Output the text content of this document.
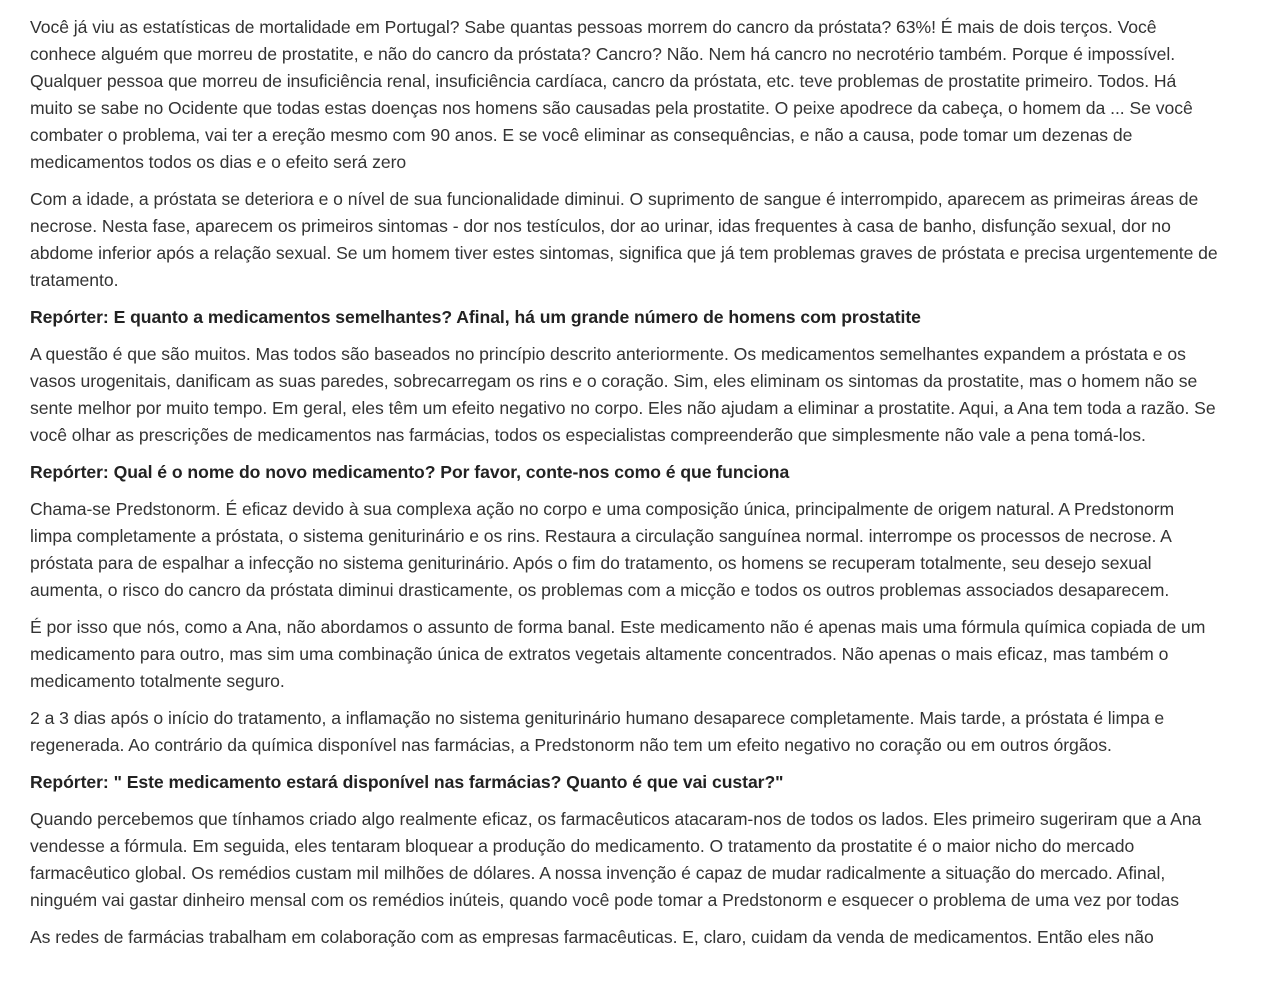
Você já viu as estatísticas de mortalidade em Portugal? Sabe quantas pessoas morrem do cancro da próstata? 63%! É mais de dois terços. Você conhece alguém que morreu de prostatite, e não do cancro da próstata? Cancro? Não. Nem há cancro no necrotério também. Porque é impossível. Qualquer pessoa que morreu de insuficiência renal, insuficiência cardíaca, cancro da próstata, etc. teve problemas de prostatite primeiro. Todos. Há muito se sabe no Ocidente que todas estas doenças nos homens são causadas pela prostatite. O peixe apodrece da cabeça, o homem da ... Se você combater o problema, vai ter a ereção mesmo com 90 anos. E se você eliminar as consequências, e não a causa, pode tomar um dezenas de medicamentos todos os dias e o efeito será zero

Com a idade, a próstata se deteriora e o nível de sua funcionalidade diminui. O suprimento de sangue é interrompido, aparecem as primeiras áreas de necrose. Nesta fase, aparecem os primeiros sintomas - dor nos testículos, dor ao urinar, idas frequentes à casa de banho, disfunção sexual, dor no abdome inferior após a relação sexual. Se um homem tiver estes sintomas, significa que já tem problemas graves de próstata e precisa urgentemente de tratamento.

Repórter: E quanto a medicamentos semelhantes? Afinal, há um grande número de homens com prostatite

A questão é que são muitos. Mas todos são baseados no princípio descrito anteriormente. Os medicamentos semelhantes expandem a próstata e os vasos urogenitais, danificam as suas paredes, sobrecarregam os rins e o coração. Sim, eles eliminam os sintomas da prostatite, mas o homem não se sente melhor por muito tempo. Em geral, eles têm um efeito negativo no corpo. Eles não ajudam a eliminar a prostatite. Aqui, a Ana tem toda a razão. Se você olhar as prescrições de medicamentos nas farmácias, todos os especialistas compreenderão que simplesmente não vale a pena tomá-los.

Repórter: Qual é o nome do novo medicamento? Por favor, conte-nos como é que funciona

Chama-se Predstonorm. É eficaz devido à sua complexa ação no corpo e uma composição única, principalmente de origem natural. A Predstonorm limpa completamente a próstata, o sistema geniturinário e os rins. Restaura a circulação sanguínea normal. interrompe os processos de necrose. A próstata para de espalhar a infecção no sistema geniturinário. Após o fim do tratamento, os homens se recuperam totalmente, seu desejo sexual aumenta, o risco do cancro da próstata diminui drasticamente, os problemas com a micção e todos os outros problemas associados desaparecem.

É por isso que nós, como a Ana, não abordamos o assunto de forma banal. Este medicamento não é apenas mais uma fórmula química copiada de um medicamento para outro, mas sim uma combinação única de extratos vegetais altamente concentrados. Não apenas o mais eficaz, mas também o medicamento totalmente seguro.

2 a 3 dias após o início do tratamento, a inflamação no sistema geniturinário humano desaparece completamente. Mais tarde, a próstata é limpa e regenerada. Ao contrário da química disponível nas farmácias, a Predstonorm não tem um efeito negativo no coração ou em outros órgãos.

Repórter: " Este medicamento estará disponível nas farmácias? Quanto é que vai custar?"

Quando percebemos que tínhamos criado algo realmente eficaz, os farmacêuticos atacaram-nos de todos os lados. Eles primeiro sugeriram que a Ana vendesse a fórmula. Em seguida, eles tentaram bloquear a produção do medicamento. O tratamento da prostatite é o maior nicho do mercado farmacêutico global. Os remédios custam mil milhões de dólares. A nossa invenção é capaz de mudar radicalmente a situação do mercado. Afinal, ninguém vai gastar dinheiro mensal com os remédios inúteis, quando você pode tomar a Predstonorm e esquecer o problema de uma vez por todas

As redes de farmácias trabalham em colaboração com as empresas farmacêuticas. E, claro, cuidam da venda de medicamentos. Então eles não
